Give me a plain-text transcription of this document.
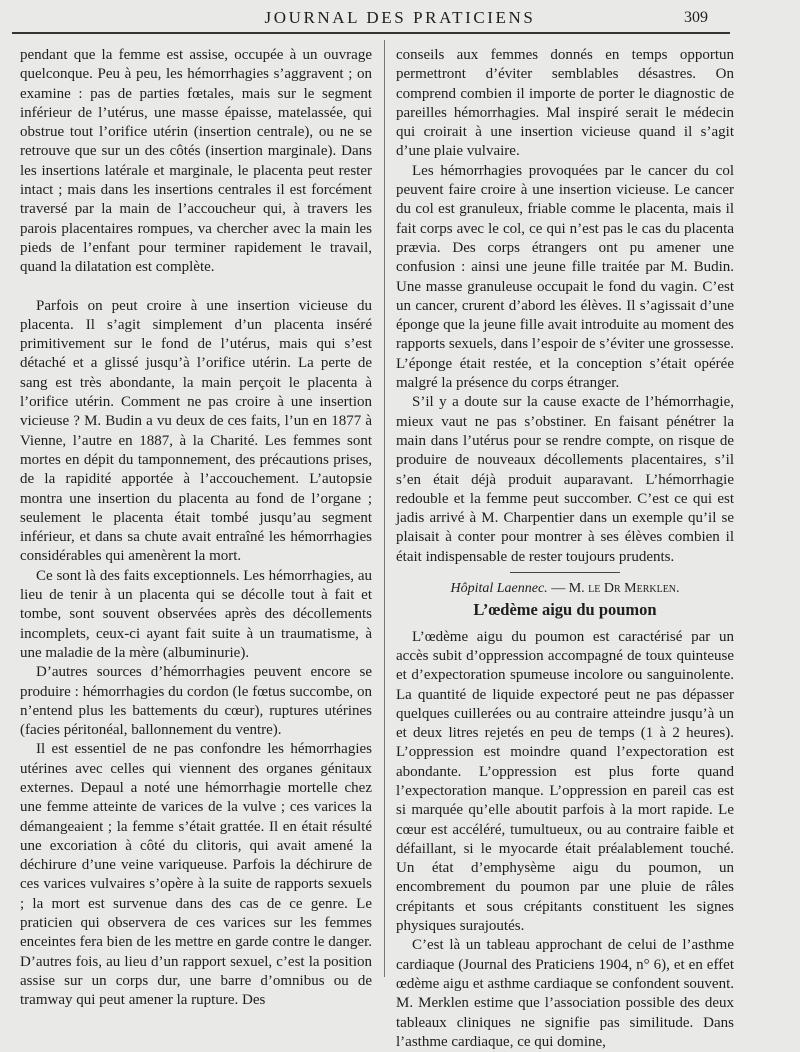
JOURNAL DES PRATICIENS	309

pendant que la femme est assise, occupée à un ouvrage quelconque. Peu à peu, les hémorrhagies s’aggravent ; on examine : pas de parties fœtales, mais sur le segment inférieur de l’utérus, une masse épaisse, matelassée, qui obstrue tout l’orifice utérin (insertion centrale), ou ne se retrouve que sur un des côtés (insertion marginale). Dans les insertions latérale et marginale, le placenta peut rester intact ; mais dans les insertions centrales il est forcément traversé par la main de l’accoucheur qui, à travers les parois placentaires rompues, va chercher avec la main les pieds de l’enfant pour terminer rapidement le travail, quand la dilatation est complète.

Parfois on peut croire à une insertion vicieuse du placenta. Il s’agit simplement d’un placenta inséré primitivement sur le fond de l’utérus, mais qui s’est détaché et a glissé jusqu’à l’orifice utérin. La perte de sang est très abondante, la main perçoit le placenta à l’orifice utérin. Comment ne pas croire à une insertion vicieuse ? M. Budin a vu deux de ces faits, l’un en 1877 à Vienne, l’autre en 1887, à la Charité. Les femmes sont mortes en dépit du tamponnement, des précautions prises, de la rapidité apportée à l’accouchement. L’autopsie montra une insertion du placenta au fond de l’organe ; seulement le placenta était tombé jusqu’au segment inférieur, et dans sa chute avait entraîné les hémorrhagies considérables qui amenèrent la mort.

Ce sont là des faits exceptionnels. Les hémorrhagies, au lieu de tenir à un placenta qui se décolle tout à fait et tombe, sont souvent observées après des décollements incomplets, ceux-ci ayant fait suite à un traumatisme, à une maladie de la mère (albuminurie).

D’autres sources d’hémorrhagies peuvent encore se produire : hémorrhagies du cordon (le fœtus succombe, on n’entend plus les battements du cœur), ruptures utérines (facies péritonéal, ballonnement du ventre).

Il est essentiel de ne pas confondre les hémorrhagies utérines avec celles qui viennent des organes génitaux externes. Depaul a noté une hémorrhagie mortelle chez une femme atteinte de varices de la vulve ; ces varices la démangeaient ; la femme s’était grattée. Il en était résulté une excoriation à côté du clitoris, qui avait amené la déchirure d’une veine variqueuse. Parfois la déchirure de ces varices vulvaires s’opère à la suite de rapports sexuels ; la mort est survenue dans des cas de ce genre. Le praticien qui observera de ces varices sur les femmes enceintes fera bien de les mettre en garde contre le danger. D’autres fois, au lieu d’un rapport sexuel, c’est la position assise sur un corps dur, une barre d’omnibus ou de tramway qui peut amener la rupture. Des

conseils aux femmes donnés en temps opportun permettront d’éviter semblables désastres. On comprend combien il importe de porter le diagnostic de pareilles hémorrhagies. Mal inspiré serait le médecin qui croirait à une insertion vicieuse quand il s’agit d’une plaie vulvaire.

Les hémorrhagies provoquées par le cancer du col peuvent faire croire à une insertion vicieuse. Le cancer du col est granuleux, friable comme le placenta, mais il fait corps avec le col, ce qui n’est pas le cas du placenta prævia. Des corps étrangers ont pu amener une confusion : ainsi une jeune fille traitée par M. Budin. Une masse granuleuse occupait le fond du vagin. C’est un cancer, crurent d’abord les élèves. Il s’agissait d’une éponge que la jeune fille avait introduite au moment des rapports sexuels, dans l’espoir de s’éviter une grossesse. L’éponge était restée, et la conception s’était opérée malgré la présence du corps étranger.

S’il y a doute sur la cause exacte de l’hémorrhagie, mieux vaut ne pas s’obstiner. En faisant pénétrer la main dans l’utérus pour se rendre compte, on risque de produire de nouveaux décollements placentaires, s’il s’en était déjà produit auparavant. L’hémorrhagie redouble et la femme peut succomber. C’est ce qui est jadis arrivé à M. Charpentier dans un exemple qu’il se plaisait à conter pour montrer à ses élèves combien il était indispensable de rester toujours prudents.

Hôpital Laennec. — M. le Dr Merklen.
L’œdème aigu du poumon

L’œdème aigu du poumon est caractérisé par un accès subit d’oppression accompagné de toux quinteuse et d’expectoration spumeuse incolore ou sanguinolente. La quantité de liquide expectoré peut ne pas dépasser quelques cuillerées ou au contraire atteindre jusqu’à un et deux litres rejetés en peu de temps (1 à 2 heures). L’oppression est moindre quand l’expectoration est abondante. L’oppression est plus forte quand l’expectoration manque. L’oppression en pareil cas est si marquée qu’elle aboutit parfois à la mort rapide. Le cœur est accéléré, tumultueux, ou au contraire faible et défaillant, si le myocarde était préalablement touché. Un état d’emphysème aigu du poumon, un encombrement du poumon par une pluie de râles crépitants et sous crépitants constituent les signes physiques surajoutés.

C’est là un tableau approchant de celui de l’asthme cardiaque (Journal des Praticiens 1904, n° 6), et en effet œdème aigu et asthme cardiaque se confondent souvent. M. Merklen estime que l’association possible des deux tableaux cliniques ne signifie pas similitude. Dans l’asthme cardiaque, ce qui domine,
